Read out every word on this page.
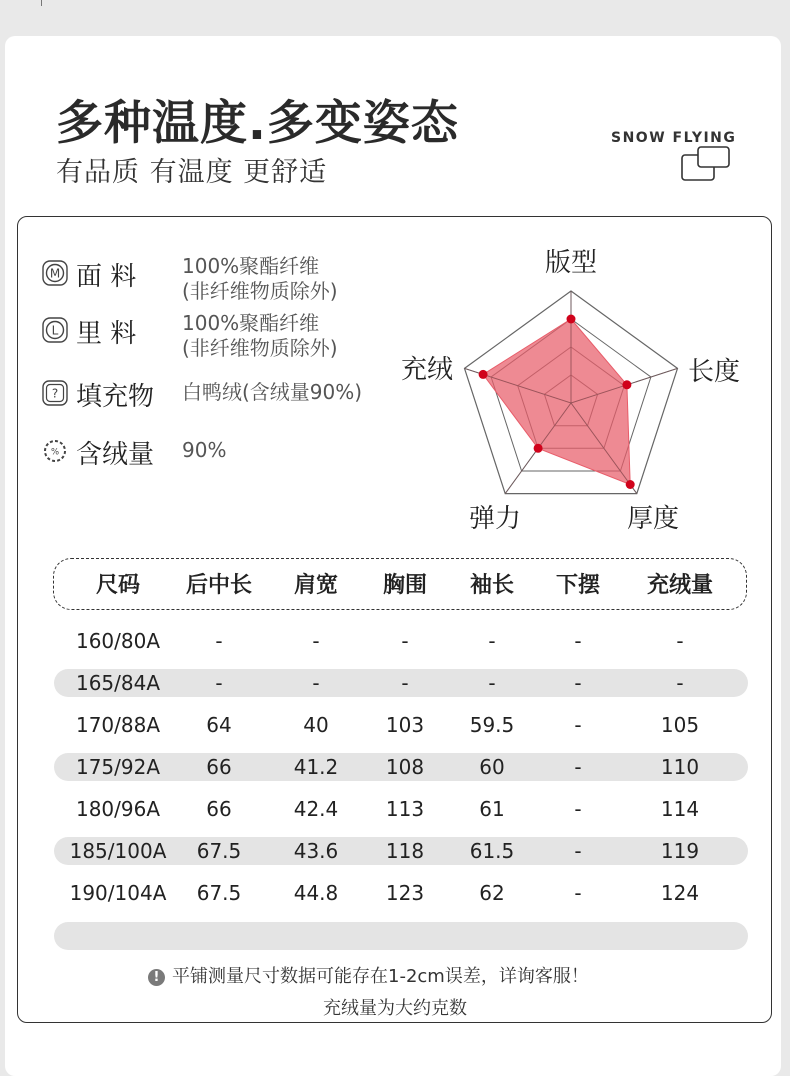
多种温度.多变姿态
有品质 有温度 更舒适
SNOW FLYING
M 面 料 100%聚酯纤维
(非纤维物质除外)
L 里 料 100%聚酯纤维
(非纤维物质除外)
? 填充物 白鸭绒(含绒量90%)
% 含绒量 90%
版型
长度
厚度
弹力
充绒
尺码 后中长 肩宽 胸围 袖长 下摆 充绒量
160/80A	-	-	-	-	-	-
165/84A	-	-	-	-	-	-
170/88A 64	40	103 59.5	-	105
175/92A 66	41.2 108	60	-	110
180/96A 66	42.4 113	61	-	114
185/100A 67.5	43.6 118 61.5	-	119
190/104A 67.5	44.8 123	62	-	124
! 平铺测量尺寸数据可能存在1-2cm误差，详询客服！
充绒量为大约克数
